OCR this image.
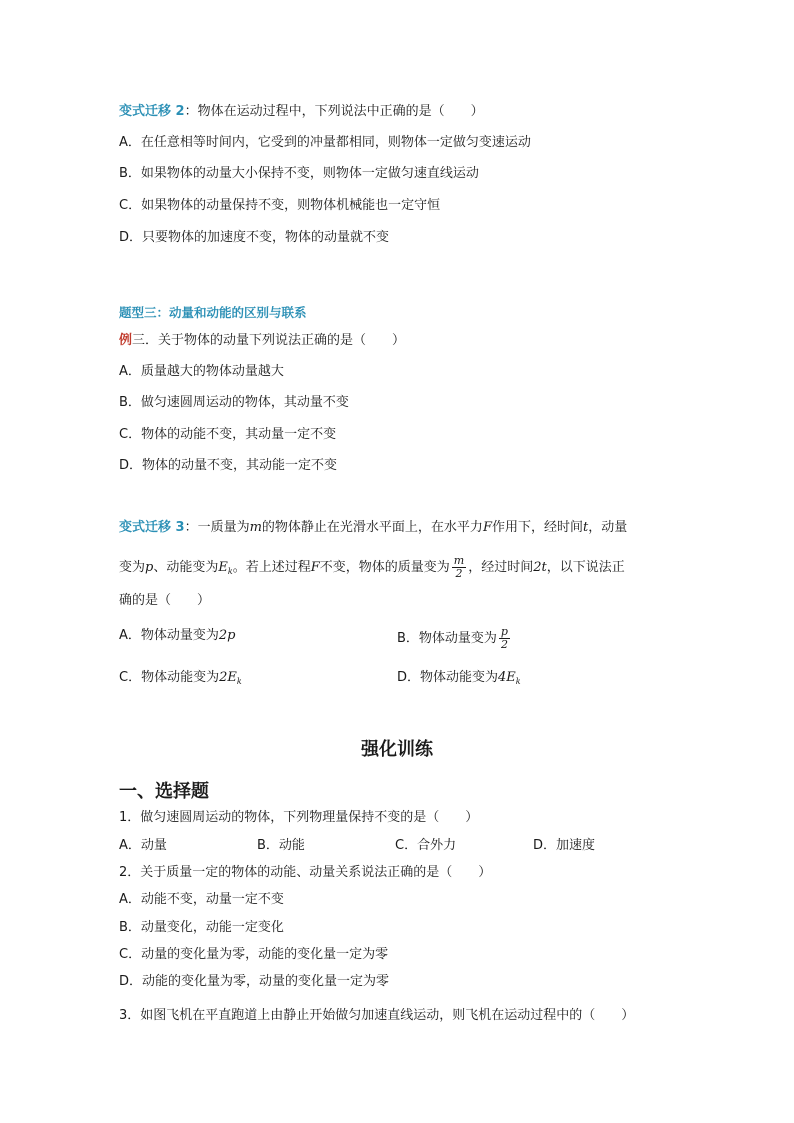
变式迁移 2：物体在运动过程中，下列说法中正确的是（　　）
A．在任意相等时间内，它受到的冲量都相同，则物体一定做匀变速运动
B．如果物体的动量大小保持不变，则物体一定做匀速直线运动
C．如果物体的动量保持不变，则物体机械能也一定守恒
D．只要物体的加速度不变，物体的动量就不变
题型三：动量和动能的区别与联系
例三．关于物体的动量下列说法正确的是（　　）
A．质量越大的物体动量越大
B．做匀速圆周运动的物体，其动量不变
C．物体的动能不变，其动量一定不变
D．物体的动量不变，其动能一定不变
变式迁移 3：一质量为m的物体静止在光滑水平面上，在水平力F作用下，经时间t，动量
变为p、动能变为$E_k$。若上述过程F不变，物体的质量变为 $\frac{m}{2}$ ，经过时间2t，以下说法正
确的是（　　）
A．物体动量变为2p	B．物体动量变为 $\frac{p}{2}$
C．物体动能变为$2E_k$	D．物体动能变为$4E_k$
强化训练
一、选择题
1．做匀速圆周运动的物体，下列物理量保持不变的是（　　）
A．动量	B．动能	C．合外力	D．加速度
2．关于质量一定的物体的动能、动量关系说法正确的是（　　）
A．动能不变，动量一定不变
B．动量变化，动能一定变化
C．动量的变化量为零，动能的变化量一定为零
D．动能的变化量为零，动量的变化量一定为零
3．如图飞机在平直跑道上由静止开始做匀加速直线运动，则飞机在运动过程中的（　　）
